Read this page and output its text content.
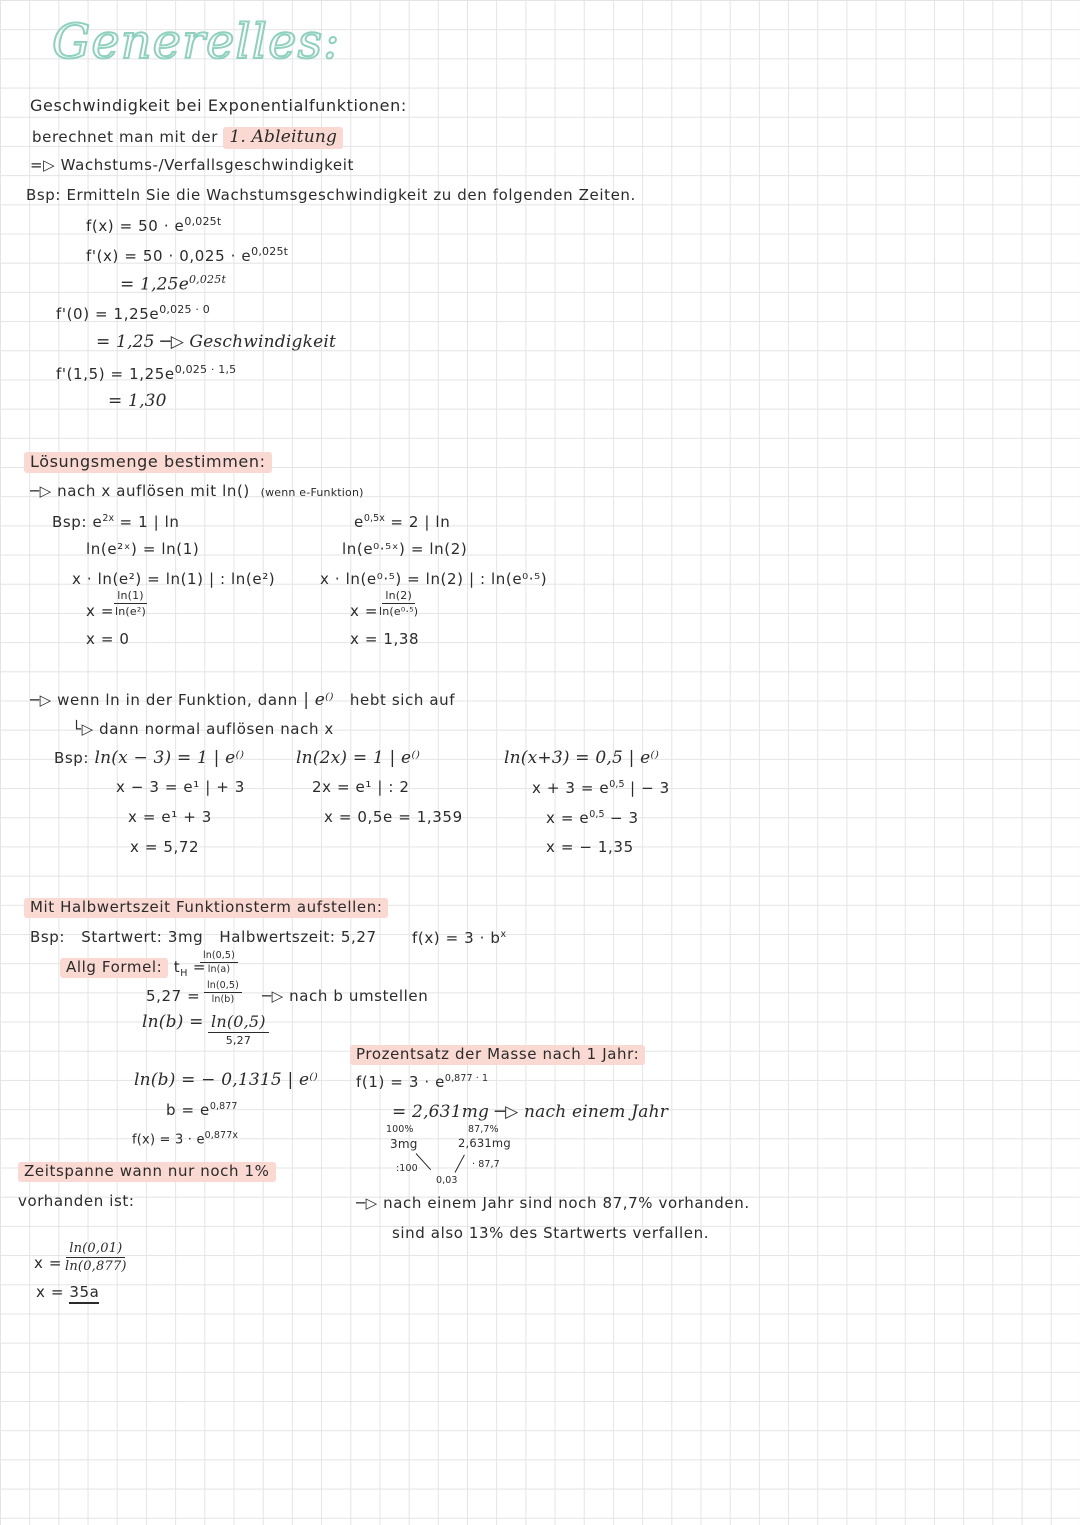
Generelles:
Geschwindigkeit bei Exponentialfunktionen:
berechnet man mit der 1. Ableitung
=▷ Wachstums-/Verfallsgeschwindigkeit
Bsp: Ermitteln Sie die Wachstumsgeschwindigkeit zu den folgenden Zeiten.
$f(x) = 50 \cdot e^{0,025t}$
$f'(x) = 50 \cdot 0,025 \cdot e^{0,025t}$
= $1,25e^{0,025t}$
$f'(0) = 1,25e^{0,025 \cdot 0}$
= 1,25 ─▷ Geschwindigkeit
$f'(1,5) = 1,25e^{0,025 \cdot 1,5}$
= 1,30
Lösungsmenge bestimmen:
─▷ nach x auflösen mit ln() (wenn e-Funktion)
Bsp: $e^{2x} = 1$ | ln
ln(e²ˣ) = ln(1)
x · ln(e²) = ln(1) | : ln(e²)
x =
$\frac{\ln(1)}{\text{ln(e²)}}$
x = 0
$e^{0,5x} = 2$ | ln
ln(e⁰·⁵ˣ) = ln(2)
x · ln(e⁰·⁵) = ln(2) | : ln(e⁰·⁵)
x =
$\frac{\ln(2)}{\text{ln(e⁰·⁵)}}$
x = 1,38
─▷ wenn ln in der Funktion, dann | e⁽⁾ hebt sich auf
└▷ dann normal auflösen nach x
Bsp: ln(x − 3) = 1 | e⁽⁾
x − 3 = e¹ | + 3
x = e¹ + 3
x = 5,72
ln(2x) = 1 | e⁽⁾
2x = e¹ | : 2
x = 0,5e = 1,359
ln(x+3) = 0,5 | e⁽⁾
$x + 3 = e^{0,5}$ | − 3
$x = e^{0,5} - 3$
x = − 1,35
Mit Halbwertszeit Funktionsterm aufstellen:
Bsp: Startwert: 3mg Halbwertszeit: 5,27 $f(x) = 3 \cdot b^x$
Allg Formel: $t_H$ =
$\frac{\ln(0,5)}{\ln(a)}$
$5,27 = \frac{\ln(0,5)}{\ln(b)}$ ─▷ nach b umstellen
ln(b) = ln(0,5)
5,27
ln(b) = − 0,1315 | e⁽⁾
$b = e^{0,877}$
$f(x) = 3 \cdot e^{0,877x}$
Prozentsatz der Masse nach 1 Jahr:
$f(1) = 3 \cdot e^{0,877 \cdot 1}$
= 2,631mg ─▷ nach einem Jahr
100%
3mg
:100
0,03
87,7%
2,631mg
· 87,7
─▷ nach einem Jahr sind noch 87,7% vorhanden.
sind also 13% des Startwerts verfallen.
Zeitspanne wann nur noch 1%
vorhanden ist:
$x = \frac{\ln(0,01)}{\ln(0,877)}$
x = 35a
